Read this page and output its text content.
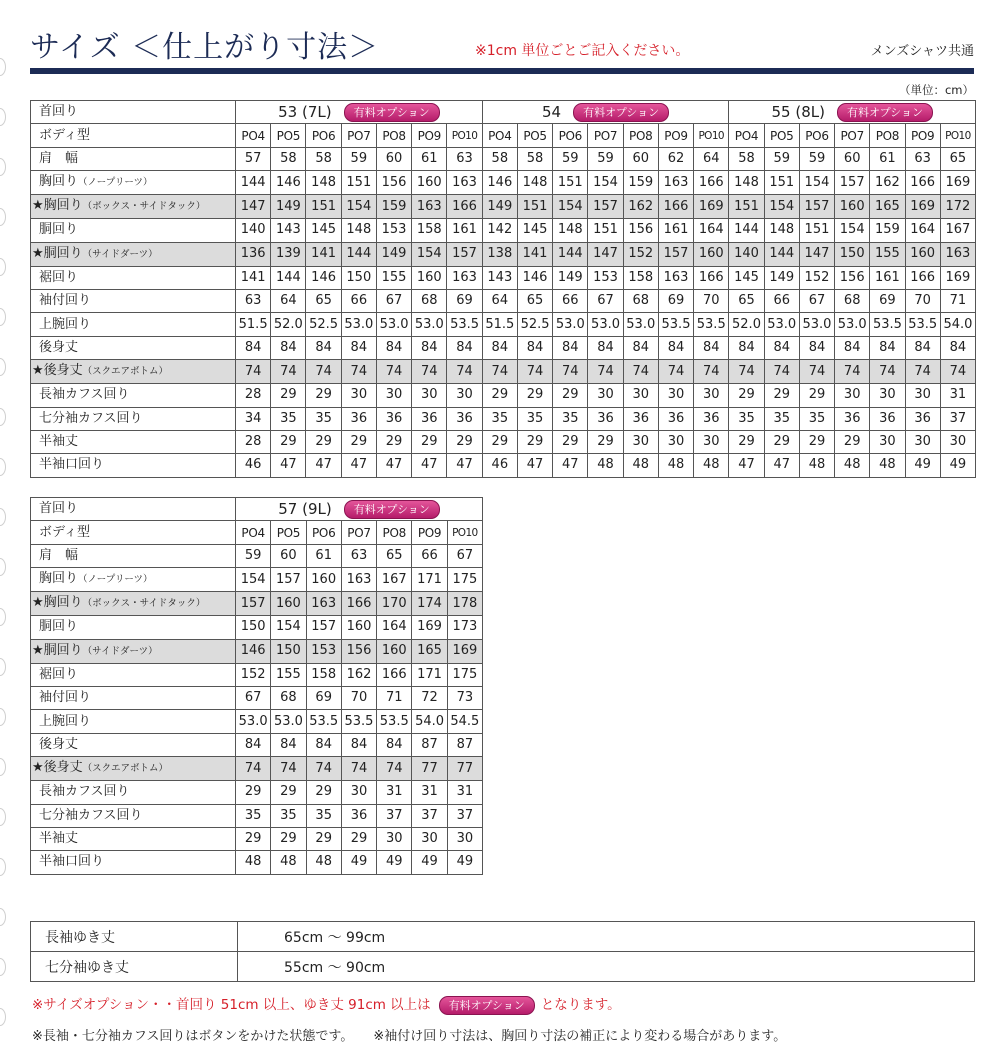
サイズ ＜仕上がり寸法＞	※1cm 単位ごとご記入ください。	メンズシャツ共通
（単位：cm）
首回り	53 (7L) 有料オプション							54 有料オプション							55 (8L) 有料オプション						
ボディ型	PO4	PO5	PO6	PO7	PO8	PO9	PO10	PO4	PO5	PO6	PO7	PO8	PO9	PO10	PO4	PO5	PO6	PO7	PO8	PO9	PO10
肩　幅	57	58	58	59	60	61	63	58	58	59	59	60	62	64	58	59	59	60	61	63	65
胸回り（ノープリーツ）	144	146	148	151	156	160	163	146	148	151	154	159	163	166	148	151	154	157	162	166	169
★胸回り（ボックス・サイドタック）	147	149	151	154	159	163	166	149	151	154	157	162	166	169	151	154	157	160	165	169	172
胴回り	140	143	145	148	153	158	161	142	145	148	151	156	161	164	144	148	151	154	159	164	167
★胴回り（サイドダーツ）	136	139	141	144	149	154	157	138	141	144	147	152	157	160	140	144	147	150	155	160	163
裾回り	141	144	146	150	155	160	163	143	146	149	153	158	163	166	145	149	152	156	161	166	169
袖付回り	63	64	65	66	67	68	69	64	65	66	67	68	69	70	65	66	67	68	69	70	71
上腕回り	51.5	52.0	52.5	53.0	53.0	53.0	53.5	51.5	52.5	53.0	53.0	53.0	53.5	53.5	52.0	53.0	53.0	53.0	53.5	53.5	54.0
後身丈	84	84	84	84	84	84	84	84	84	84	84	84	84	84	84	84	84	84	84	84	84
★後身丈（スクエアボトム）	74	74	74	74	74	74	74	74	74	74	74	74	74	74	74	74	74	74	74	74	74
長袖カフス回り	28	29	29	30	30	30	30	29	29	29	30	30	30	30	29	29	29	30	30	30	31
七分袖カフス回り	34	35	35	36	36	36	36	35	35	35	36	36	36	36	35	35	35	36	36	36	37
半袖丈	28	29	29	29	29	29	29	29	29	29	29	30	30	30	29	29	29	29	30	30	30
半袖口回り	46	47	47	47	47	47	47	46	47	47	48	48	48	48	47	47	48	48	48	49	49
首回り	57 (9L) 有料オプション						
ボディ型	PO4	PO5	PO6	PO7	PO8	PO9	PO10
肩　幅	59	60	61	63	65	66	67
胸回り（ノープリーツ）	154	157	160	163	167	171	175
★胸回り（ボックス・サイドタック）	157	160	163	166	170	174	178
胴回り	150	154	157	160	164	169	173
★胴回り（サイドダーツ）	146	150	153	156	160	165	169
裾回り	152	155	158	162	166	171	175
袖付回り	67	68	69	70	71	72	73
上腕回り	53.0	53.0	53.5	53.5	53.5	54.0	54.5
後身丈	84	84	84	84	84	87	87
★後身丈（スクエアボトム）	74	74	74	74	74	77	77
長袖カフス回り	29	29	29	30	31	31	31
七分袖カフス回り	35	35	35	36	37	37	37
半袖丈	29	29	29	29	30	30	30
半袖口回り	48	48	48	49	49	49	49
長袖ゆき丈	65cm 〜 99cm
七分袖ゆき丈	55cm 〜 90cm
※サイズオプション・・首回り 51cm 以上、ゆき丈 91cm 以上は 有料オプション となります。
※長袖・七分袖カフス回りはボタンをかけた状態です。 ※袖付け回り寸法は、胸回り寸法の補正により変わる場合があります。
